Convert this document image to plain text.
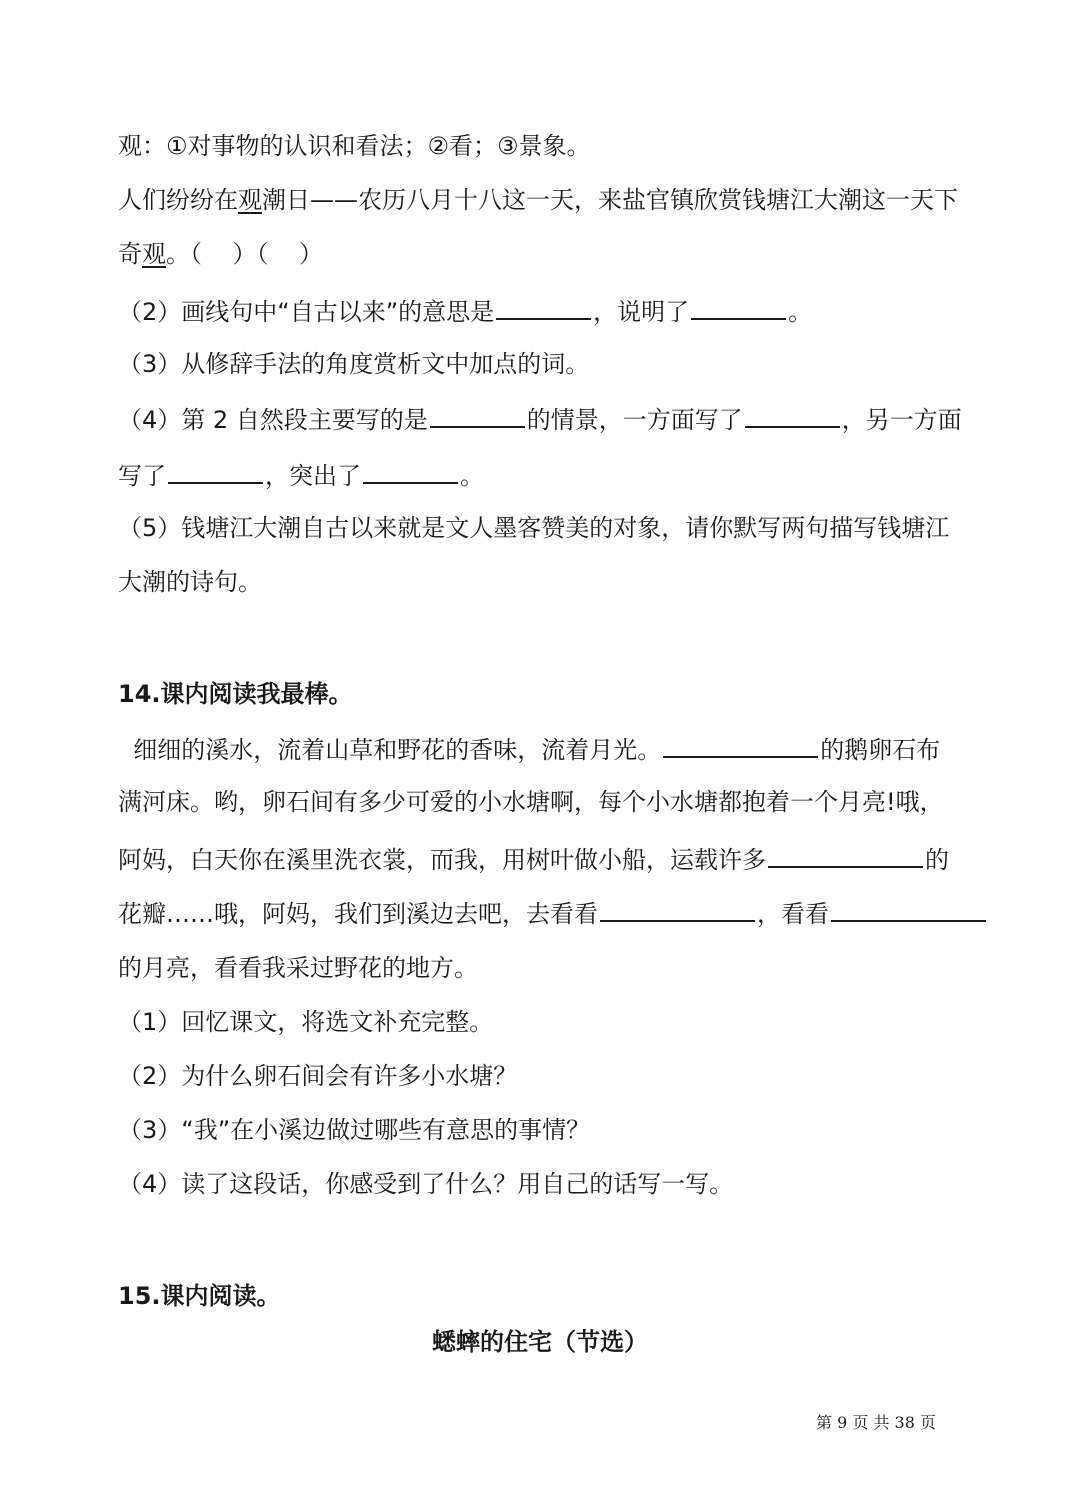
观：①对事物的认识和看法；②看；③景象。
人们纷纷在观潮日——农历八月十八这一天，来盐官镇欣赏钱塘江大潮这一天下
奇观。（    ）（    ）
（2）画线句中“自古以来”的意思是	，说明了	。
（3）从修辞手法的角度赏析文中加点的词。
（4）第 2 自然段主要写的是	的情景，一方面写了	，另一方面
写了	，突出了	。
（5）钱塘江大潮自古以来就是文人墨客赞美的对象，请你默写两句描写钱塘江
大潮的诗句。
14.课内阅读我最棒。
细细的溪水，流着山草和野花的香味，流着月光。	的鹅卵石布
满河床。哟，卵石间有多少可爱的小水塘啊，每个小水塘都抱着一个月亮!哦，
阿妈，白天你在溪里洗衣裳，而我，用树叶做小船，运载许多	的
花瓣……哦，阿妈，我们到溪边去吧，去看看	，看看
的月亮，看看我采过野花的地方。
（1）回忆课文，将选文补充完整。
（2）为什么卵石间会有许多小水塘？
（3）“我”在小溪边做过哪些有意思的事情？
（4）读了这段话，你感受到了什么？用自己的话写一写。
15.课内阅读。
蟋蟀的住宅（节选）
第 9 页 共 38 页
